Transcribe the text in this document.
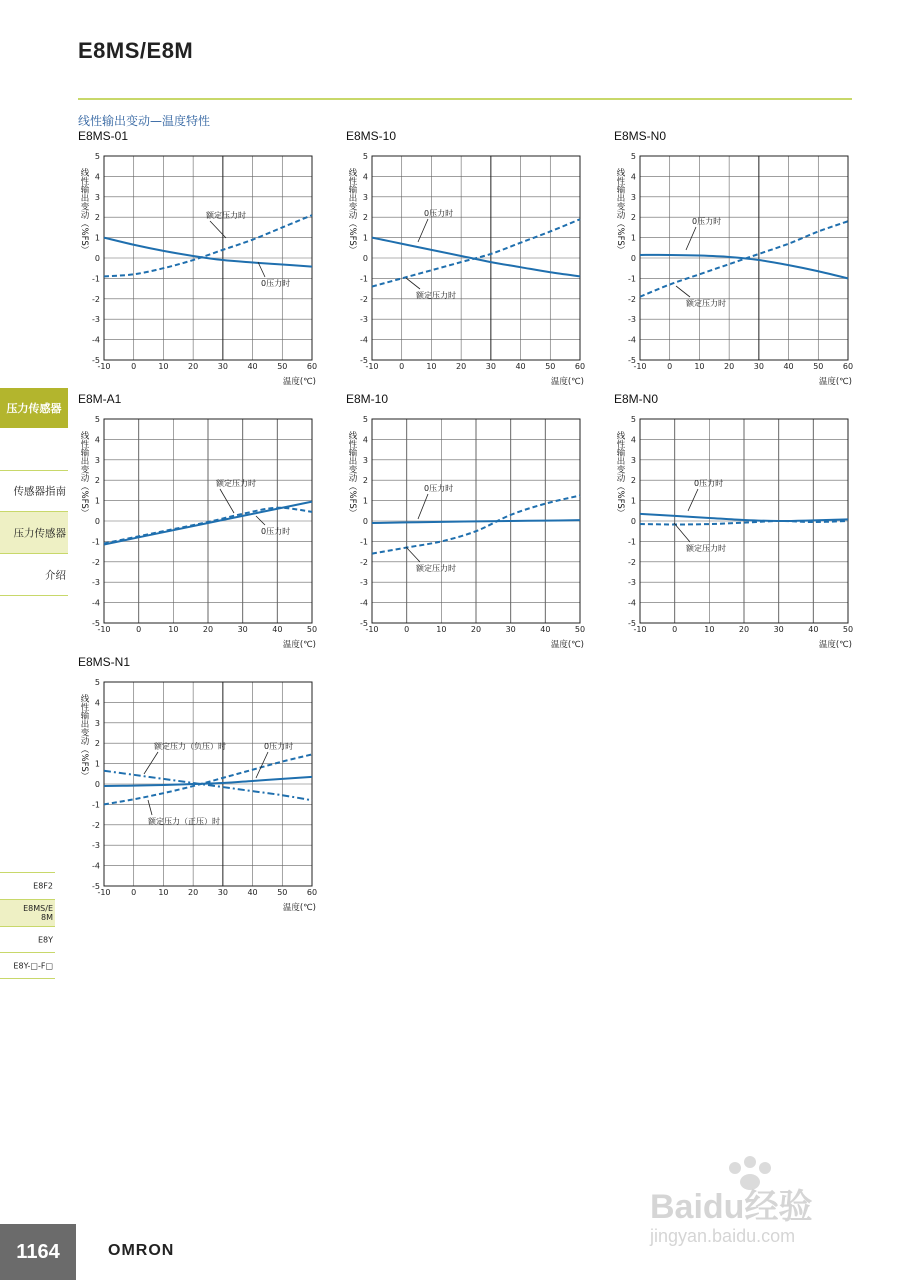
E8MS/E8M
线性输出变动—温度特性
E8MS-01
线性输出变动（%FS）
-5
-4
-3
-2
-1
0
1
2
3
4
5
-10	0	10 20 30 40 50 60
温度(℃)
额定压力时
0压力时
E8MS-10
线性输出变动（%FS）
-5
-4
-3
-2
-1
0
1
2
3
4
5
-10	0	10 20 30 40 50 60
温度(℃)
0压力时
额定压力时
E8MS-N0
线性输出变动（%FS）
-5
-4
-3
-2
-1
0
1
2
3
4
5
-10	0	10 20 30 40 50 60
温度(℃)
0压力时
额定压力时
E8M-A1
线性输出变动（%FS）
-5
-4
-3
-2
-1
0
1
2
3
4
5
-10	0	10	20	30	40	50
温度(℃)
额定压力时
0压力时
E8M-10
线性输出变动（%FS）
-5
-4
-3
-2
-1
0
1
2
3
4
5
-10	0	10	20	30	40	50
温度(℃)
0压力时
额定压力时
E8M-N0
线性输出变动（%FS）
-5
-4
-3
-2
-1
0
1
2
3
4
5
-10	0	10	20	30	40	50
温度(℃)
0压力时
额定压力时
E8MS-N1
线性输出变动（%FS）
-5
-4
-3
-2
-1
0
1
2
3
4
5
-10	0	10 20 30 40 50 60
温度(℃)
额定压力（负压）时	0压力时
额定压力（正压）时
压力传感器
传感器指南
压力传感器
介绍
E8F2
E8MS/E8M
E8Y
E8Y-□-F□
1164	OMRON
Baidu经验
jingyan.baidu.com
